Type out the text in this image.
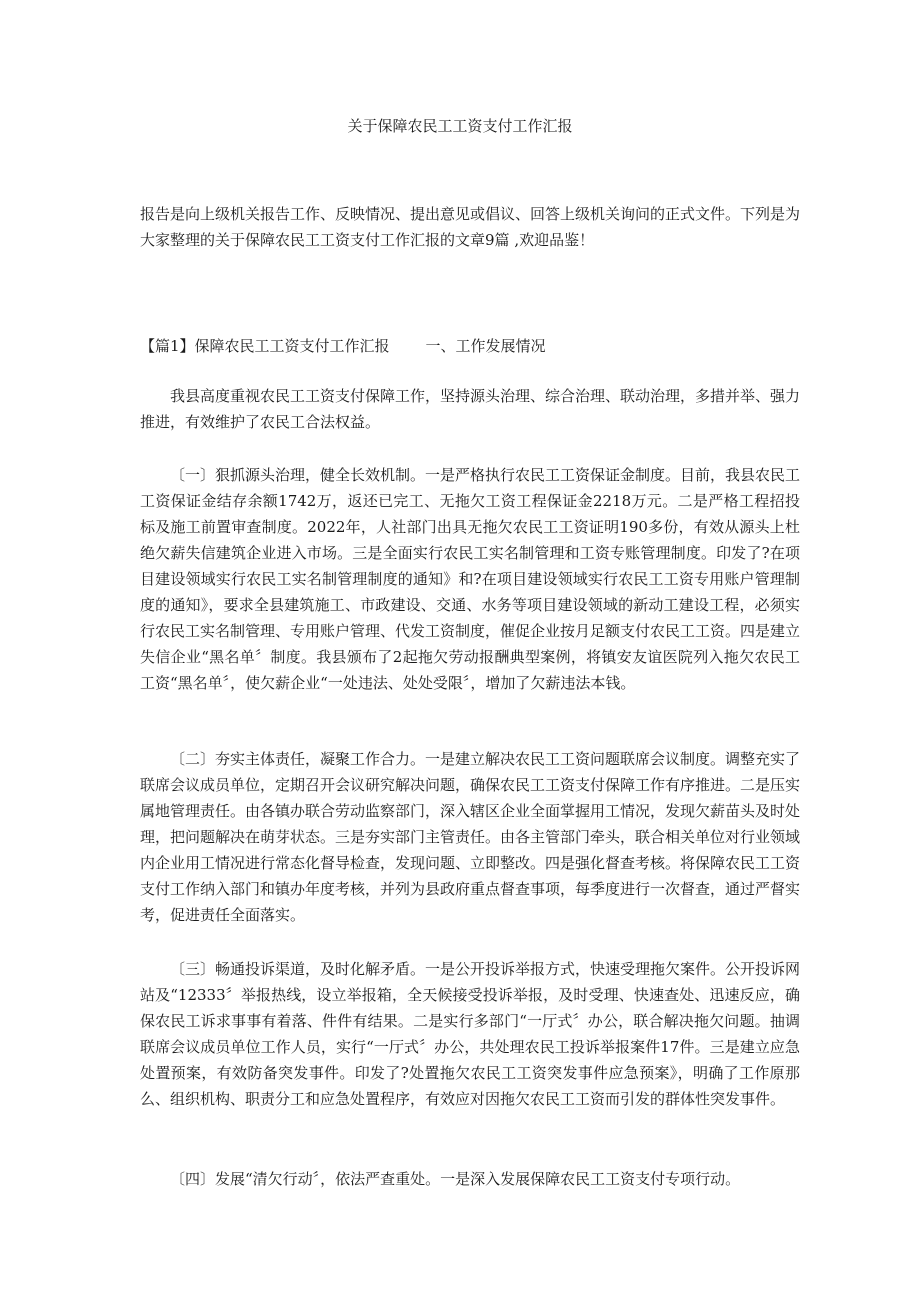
关于保障农民工工资支付工作汇报

报告是向上级机关报告工作、反映情况、提出意见或倡议、回答上级机关询问的正式文件。下列是为大家整理的关于保障农民工工资支付工作汇报的文章9篇 ,欢迎品鉴！

【篇1】保障农民工工资支付工作汇报 一、工作发展情况

我县高度重视农民工工资支付保障工作，坚持源头治理、综合治理、联动治理，多措并举、强力推进，有效维护了农民工合法权益。

〔一〕狠抓源头治理，健全长效机制。一是严格执行农民工工资保证金制度。目前，我县农民工工资保证金结存余额1742万，返还已完工、无拖欠工资工程保证金2218万元。二是严格工程招投标及施工前置审查制度。2022年，人社部门出具无拖欠农民工工资证明190多份，有效从源头上杜绝欠薪失信建筑企业进入市场。三是全面实行农民工实名制管理和工资专账管理制度。印发了?在项目建设领域实行农民工实名制管理制度的通知》和?在项目建设领域实行农民工工资专用账户管理制度的通知》，要求全县建筑施工、市政建设、交通、水务等项目建设领域的新动工建设工程，必须实行农民工实名制管理、专用账户管理、代发工资制度，催促企业按月足额支付农民工工资。四是建立失信企业“黑名单〞制度。我县颁布了2起拖欠劳动报酬典型案例，将镇安友谊医院列入拖欠农民工工资“黑名单〞，使欠薪企业“一处违法、处处受限〞，增加了欠薪违法本钱。

〔二〕夯实主体责任，凝聚工作合力。一是建立解决农民工工资问题联席会议制度。调整充实了联席会议成员单位，定期召开会议研究解决问题，确保农民工工资支付保障工作有序推进。二是压实属地管理责任。由各镇办联合劳动监察部门，深入辖区企业全面掌握用工情况，发现欠薪苗头及时处理，把问题解决在萌芽状态。三是夯实部门主管责任。由各主管部门牵头，联合相关单位对行业领域内企业用工情况进行常态化督导检查，发现问题、立即整改。四是强化督查考核。将保障农民工工资支付工作纳入部门和镇办年度考核，并列为县政府重点督查事项，每季度进行一次督查，通过严督实考，促进责任全面落实。

〔三〕畅通投诉渠道，及时化解矛盾。一是公开投诉举报方式，快速受理拖欠案件。公开投诉网站及“12333〞举报热线，设立举报箱，全天候接受投诉举报，及时受理、快速查处、迅速反应，确保农民工诉求事事有着落、件件有结果。二是实行多部门“一厅式〞办公，联合解决拖欠问题。抽调联席会议成员单位工作人员，实行“一厅式〞办公，共处理农民工投诉举报案件17件。三是建立应急处置预案，有效防备突发事件。印发了?处置拖欠农民工工资突发事件应急预案》，明确了工作原那么、组织机构、职责分工和应急处置程序，有效应对因拖欠农民工工资而引发的群体性突发事件。

〔四〕发展“清欠行动〞，依法严查重处。一是深入发展保障农民工工资支付专项行动。
